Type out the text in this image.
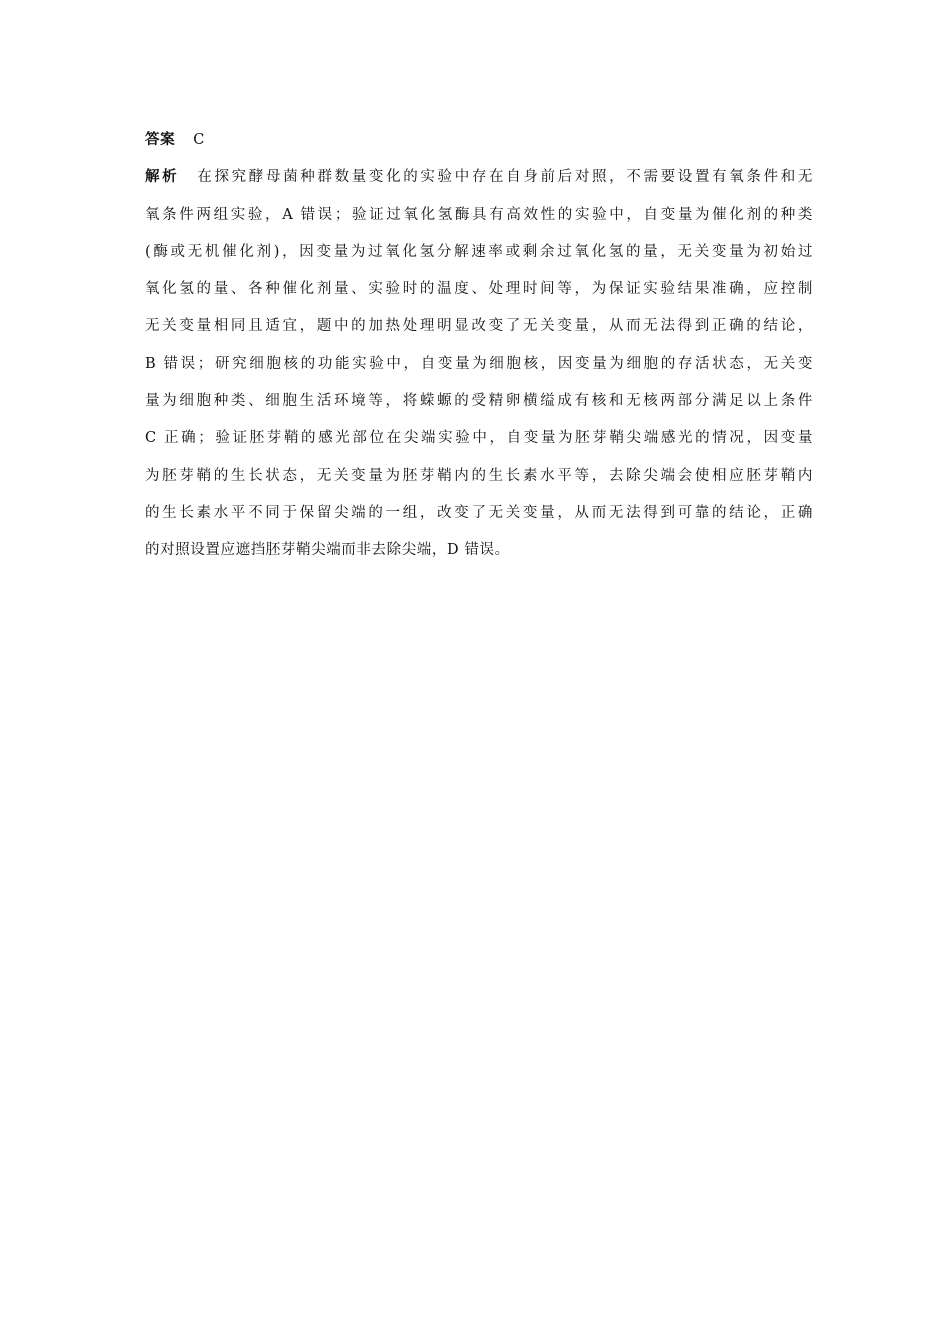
答案 C
解析 在探究酵母菌种群数量变化的实验中存在自身前后对照，不需要设置有氧条件和无
氧条件两组实验，A 错误；验证过氧化氢酶具有高效性的实验中，自变量为催化剂的种类
(酶或无机催化剂)，因变量为过氧化氢分解速率或剩余过氧化氢的量，无关变量为初始过
氧化氢的量、各种催化剂量、实验时的温度、处理时间等，为保证实验结果准确，应控制
无关变量相同且适宜，题中的加热处理明显改变了无关变量，从而无法得到正确的结论，
B 错误；研究细胞核的功能实验中，自变量为细胞核，因变量为细胞的存活状态，无关变
量为细胞种类、细胞生活环境等，将蝾螈的受精卵横缢成有核和无核两部分满足以上条件
C 正确；验证胚芽鞘的感光部位在尖端实验中，自变量为胚芽鞘尖端感光的情况，因变量
为胚芽鞘的生长状态，无关变量为胚芽鞘内的生长素水平等，去除尖端会使相应胚芽鞘内
的生长素水平不同于保留尖端的一组，改变了无关变量，从而无法得到可靠的结论，正确
的对照设置应遮挡胚芽鞘尖端而非去除尖端，D 错误。
